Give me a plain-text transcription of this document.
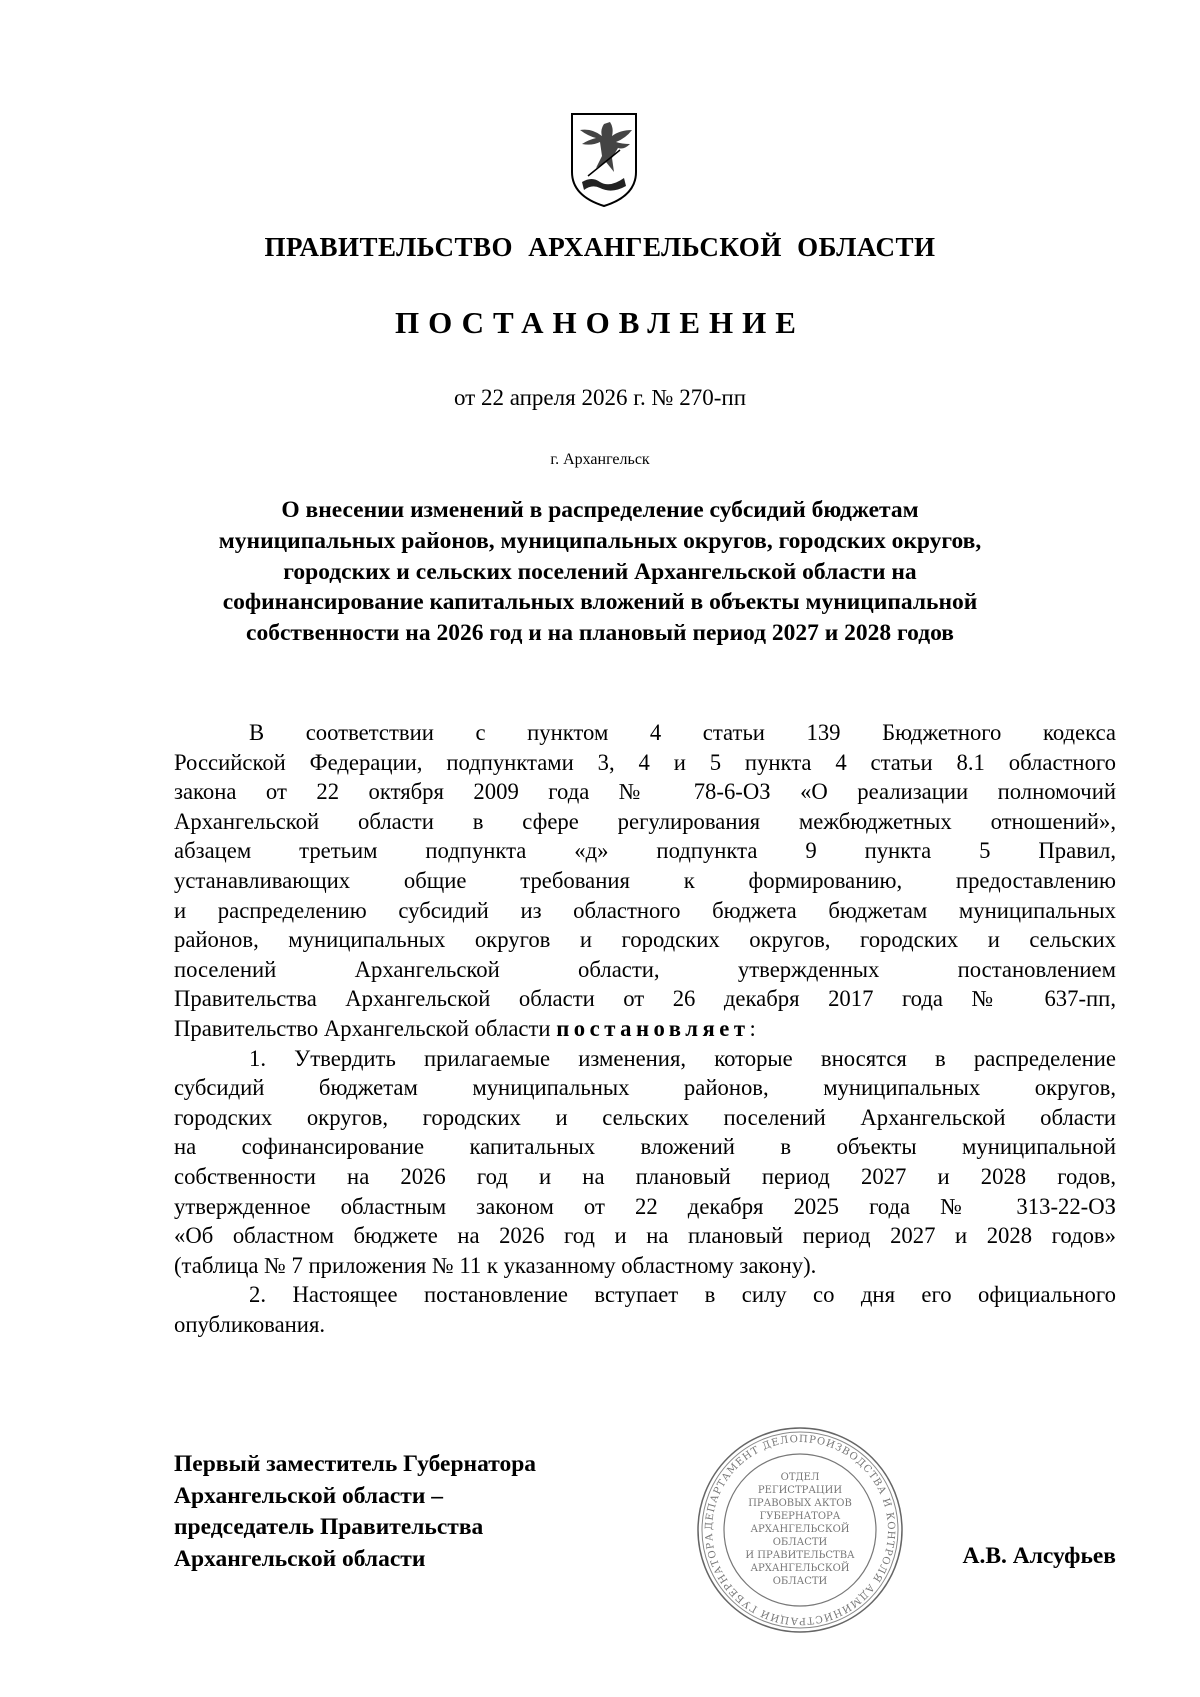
ПРАВИТЕЛЬСТВО АРХАНГЕЛЬСКОЙ ОБЛАСТИ
ПОСТАНОВЛЕНИЕ
от 22 апреля 2026 г. № 270-пп
г. Архангельск
О внесении изменений в распределение субсидий бюджетам
муниципальных районов, муниципальных округов, городских округов,
городских и сельских поселений Архангельской области на
софинансирование капитальных вложений в объекты муниципальной
собственности на 2026 год и на плановый период 2027 и 2028 годов
В соответствии с пунктом 4 статьи 139 Бюджетного кодекса
Российской Федерации, подпунктами 3, 4 и 5 пункта 4 статьи 8.1 областного
закона от 22 октября 2009 года № 78-6-ОЗ «О реализации полномочий
Архангельской области в сфере регулирования межбюджетных отношений»,
абзацем третьим подпункта «д» подпункта 9 пункта 5 Правил,
устанавливающих общие требования к формированию, предоставлению
и распределению субсидий из областного бюджета бюджетам муниципальных
районов, муниципальных округов и городских округов, городских и сельских
поселений Архангельской области, утвержденных постановлением
Правительства Архангельской области от 26 декабря 2017 года № 637-пп,
Правительство Архангельской области постановляет:
1. Утвердить прилагаемые изменения, которые вносятся в распределение
субсидий бюджетам муниципальных районов, муниципальных округов,
городских округов, городских и сельских поселений Архангельской области
на софинансирование капитальных вложений в объекты муниципальной
собственности на 2026 год и на плановый период 2027 и 2028 годов,
утвержденное областным законом от 22 декабря 2025 года № 313-22-ОЗ
«Об областном бюджете на 2026 год и на плановый период 2027 и 2028 годов»
(таблица № 7 приложения № 11 к указанному областному закону).
2. Настоящее постановление вступает в силу со дня его официального
опубликования.
Первый заместитель Губернатора
Архангельской области –
председатель Правительства
Архангельской области
ДЕПАРТАМЕНТ ДЕЛОПРОИЗВОДСТВА И КОНТРОЛЯ АДМИНИСТРАЦИИ ГУБЕРНАТОРА
ОТДЕЛ
РЕГИСТРАЦИИ
ПРАВОВЫХ АКТОВ
ГУБЕРНАТОРА
АРХАНГЕЛЬСКОЙ
ОБЛАСТИ
И ПРАВИТЕЛЬСТВА
АРХАНГЕЛЬСКОЙ
ОБЛАСТИ
А.В. Алсуфьев
